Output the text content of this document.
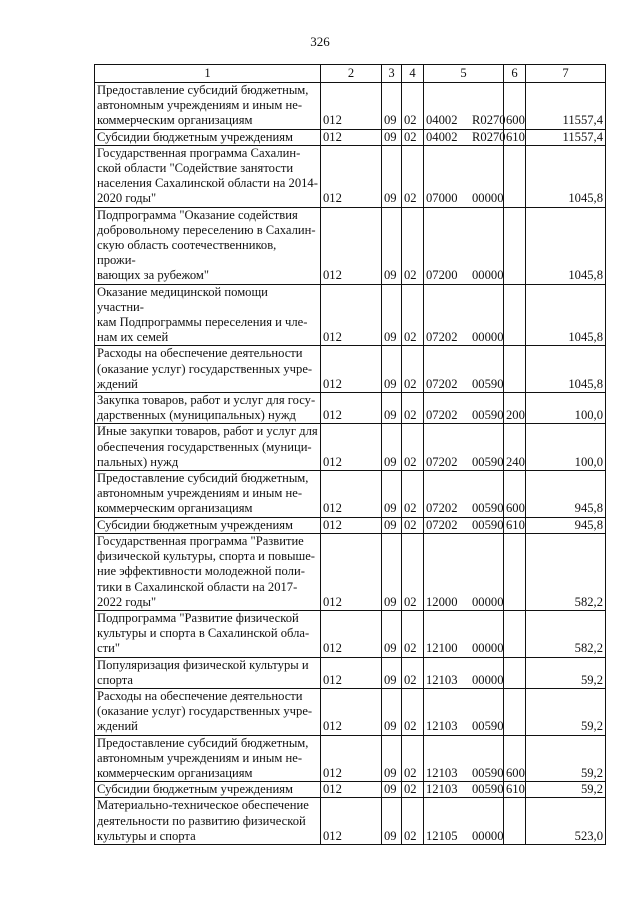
326
1	2	3	4	5	6	7

Предоставление субсидий бюджетным,
автономным учреждениям и иным не-
коммерческим организациям	012	09	02	04002 R0270	600	11557,4

Субсидии бюджетным учреждениям	012	09	02	04002 R0270	610	11557,4

Государственная программа Сахалин-
ской области "Содействие занятости
населения Сахалинской области на 2014-
2020 годы"	012	09	02	07000 00000		1045,8

Подпрограмма "Оказание содействия
добровольному переселению в Сахалин-
скую область соотечественников, прожи-
вающих за рубежом"	012	09	02	07200 00000		1045,8

Оказание медицинской помощи участни-
кам Подпрограммы переселения и чле-
нам их семей	012	09	02	07202 00000		1045,8

Расходы на обеспечение деятельности
(оказание услуг) государственных учре-
ждений	012	09	02	07202 00590		1045,8

Закупка товаров, работ и услуг для госу-
дарственных (муниципальных) нужд	012	09	02	07202 00590	200	100,0

Иные закупки товаров, работ и услуг для
обеспечения государственных (муници-
пальных) нужд	012	09	02	07202 00590	240	100,0

Предоставление субсидий бюджетным,
автономным учреждениям и иным не-
коммерческим организациям	012	09	02	07202 00590	600	945,8

Субсидии бюджетным учреждениям	012	09	02	07202 00590	610	945,8

Государственная программа "Развитие
физической культуры, спорта и повыше-
ние эффективности молодежной поли-
тики в Сахалинской области на 2017-
2022 годы"	012	09	02	12000 00000		582,2

Подпрограмма "Развитие физической
культуры и спорта в Сахалинской обла-
сти"	012	09	02	12100 00000		582,2

Популяризация физической культуры и
спорта	012	09	02	12103 00000		59,2

Расходы на обеспечение деятельности
(оказание услуг) государственных учре-
ждений	012	09	02	12103 00590		59,2

Предоставление субсидий бюджетным,
автономным учреждениям и иным не-
коммерческим организациям	012	09	02	12103 00590	600	59,2

Субсидии бюджетным учреждениям	012	09	02	12103 00590	610	59,2

Материально-техническое обеспечение
деятельности по развитию физической
культуры и спорта	012	09	02	12105 00000		523,0
